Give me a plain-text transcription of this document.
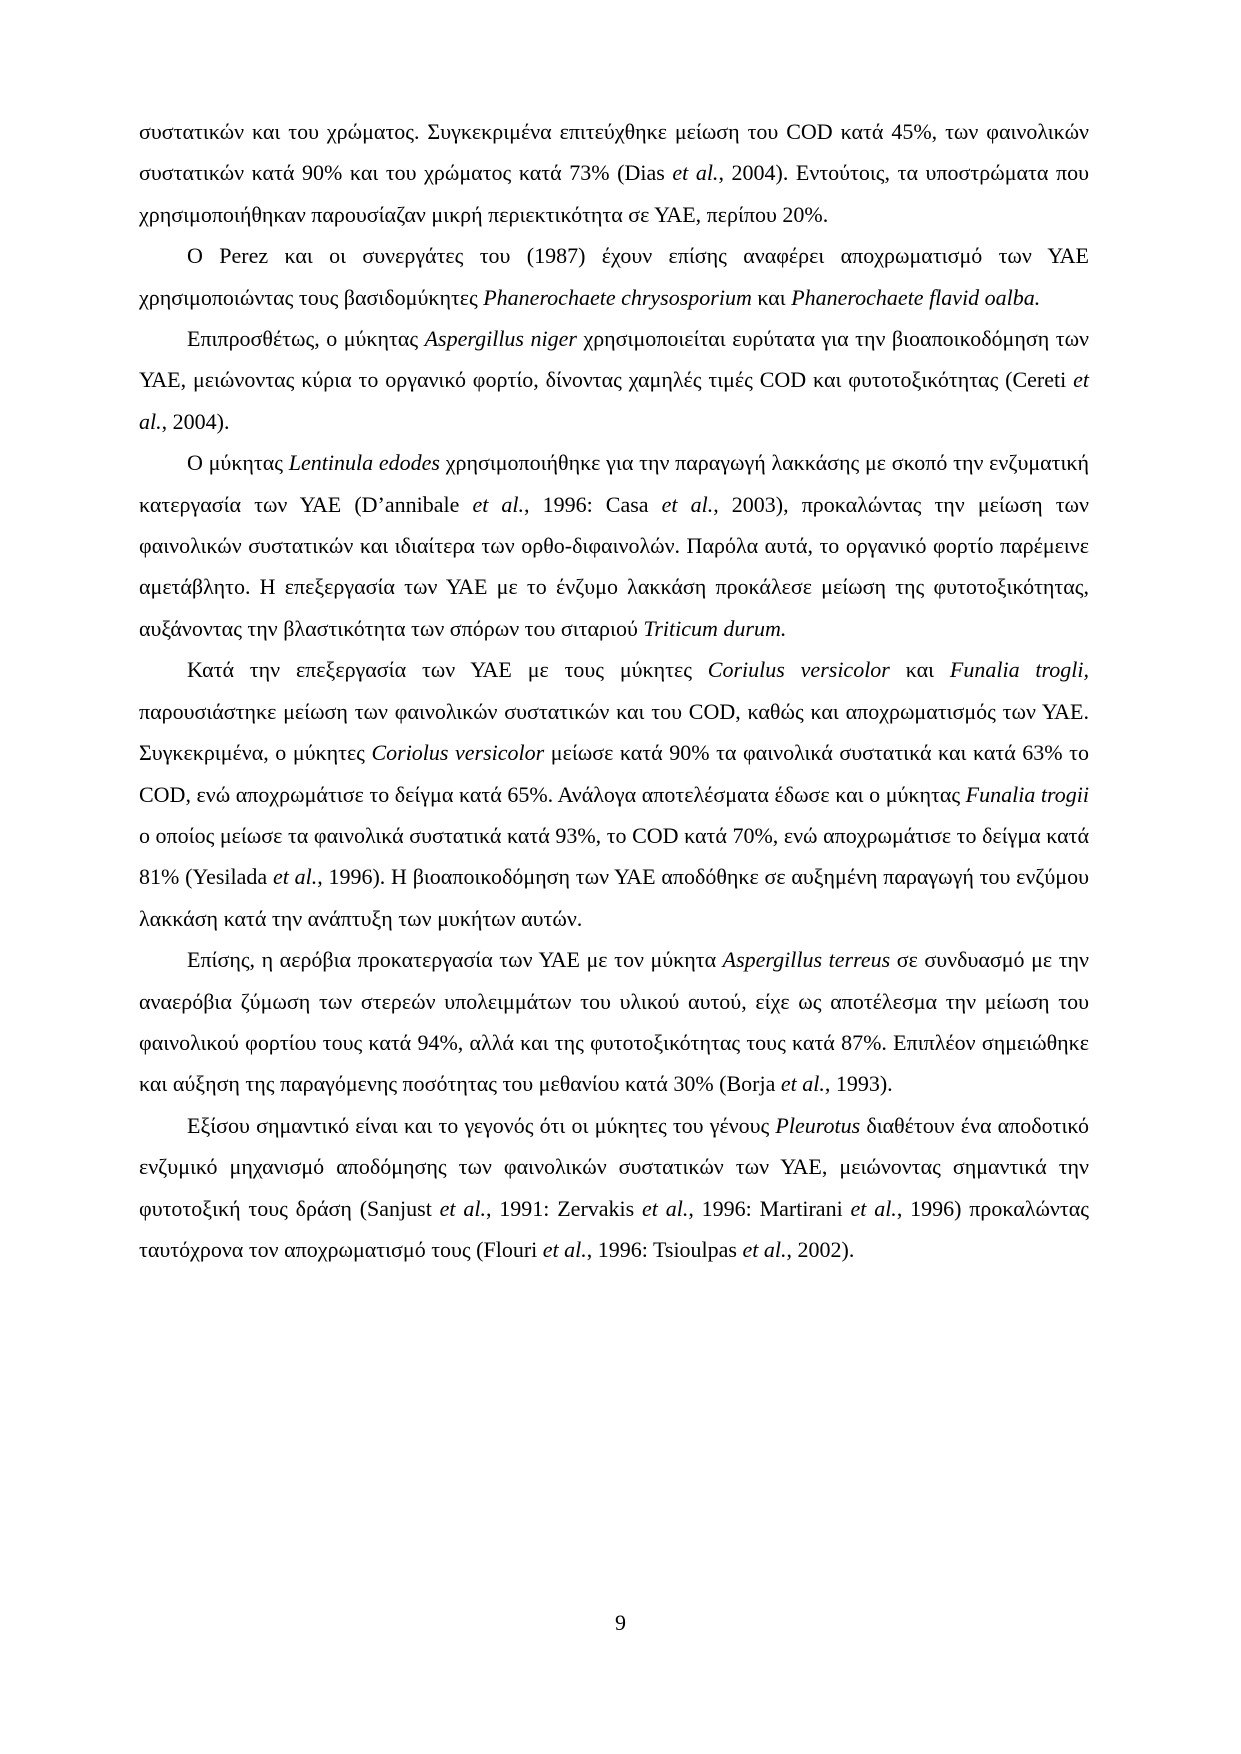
συστατικών και του χρώματος. Συγκεκριμένα επιτεύχθηκε μείωση του COD κατά 45%, των φαινολικών συστατικών κατά 90% και του χρώματος κατά 73% (Dias et al., 2004). Εντούτοις, τα υποστρώματα που χρησιμοποιήθηκαν παρουσίαζαν μικρή περιεκτικότητα σε ΥΑΕ, περίπου 20%.

Ο Perez και οι συνεργάτες του (1987) έχουν επίσης αναφέρει αποχρωματισμό των ΥΑΕ χρησιμοποιώντας τους βασιδομύκητες Phanerochaete chrysosporium και Phanerochaete flavid oalba.

Επιπροσθέτως, ο μύκητας Aspergillus niger χρησιμοποιείται ευρύτατα για την βιοαποικοδόμηση των ΥΑΕ, μειώνοντας κύρια το οργανικό φορτίο, δίνοντας χαμηλές τιμές COD και φυτοτοξικότητας (Cereti et al., 2004).

Ο μύκητας Lentinula edodes χρησιμοποιήθηκε για την παραγωγή λακκάσης με σκοπό την ενζυματική κατεργασία των ΥΑΕ (D’annibale et al., 1996: Casa et al., 2003), προκαλώντας την μείωση των φαινολικών συστατικών και ιδιαίτερα των ορθο-διφαινολών. Παρόλα αυτά, το οργανικό φορτίο παρέμεινε αμετάβλητο. Η επεξεργασία των ΥΑΕ με το ένζυμο λακκάση προκάλεσε μείωση της φυτοτοξικότητας, αυξάνοντας την βλαστικότητα των σπόρων του σιταριού Triticum durum.

Κατά την επεξεργασία των ΥΑΕ με τους μύκητες Coriulus versicolor και Funalia trogli, παρουσιάστηκε μείωση των φαινολικών συστατικών και του COD, καθώς και αποχρωματισμός των ΥΑΕ. Συγκεκριμένα, ο μύκητες Coriolus versicolor μείωσε κατά 90% τα φαινολικά συστατικά και κατά 63% το COD, ενώ αποχρωμάτισε το δείγμα κατά 65%. Ανάλογα αποτελέσματα έδωσε και ο μύκητας Funalia trogii ο οποίος μείωσε τα φαινολικά συστατικά κατά 93%, το COD κατά 70%, ενώ αποχρωμάτισε το δείγμα κατά 81% (Yesilada et al., 1996). Η βιοαποικοδόμηση των ΥΑΕ αποδόθηκε σε αυξημένη παραγωγή του ενζύμου λακκάση κατά την ανάπτυξη των μυκήτων αυτών.

Επίσης, η αερόβια προκατεργασία των ΥΑΕ με τον μύκητα Aspergillus terreus σε συνδυασμό με την αναερόβια ζύμωση των στερεών υπολειμμάτων του υλικού αυτού, είχε ως αποτέλεσμα την μείωση του φαινολικού φορτίου τους κατά 94%, αλλά και της φυτοτοξικότητας τους κατά 87%. Επιπλέον σημειώθηκε και αύξηση της παραγόμενης ποσότητας του μεθανίου κατά 30% (Borja et al., 1993).

Εξίσου σημαντικό είναι και το γεγονός ότι οι μύκητες του γένους Pleurotus διαθέτουν ένα αποδοτικό ενζυμικό μηχανισμό αποδόμησης των φαινολικών συστατικών των ΥΑΕ, μειώνοντας σημαντικά την φυτοτοξική τους δράση (Sanjust et al., 1991: Zervakis et al., 1996: Martirani et al., 1996) προκαλώντας ταυτόχρονα τον αποχρωματισμό τους (Flouri et al., 1996: Tsioulpas et al., 2002).

9
